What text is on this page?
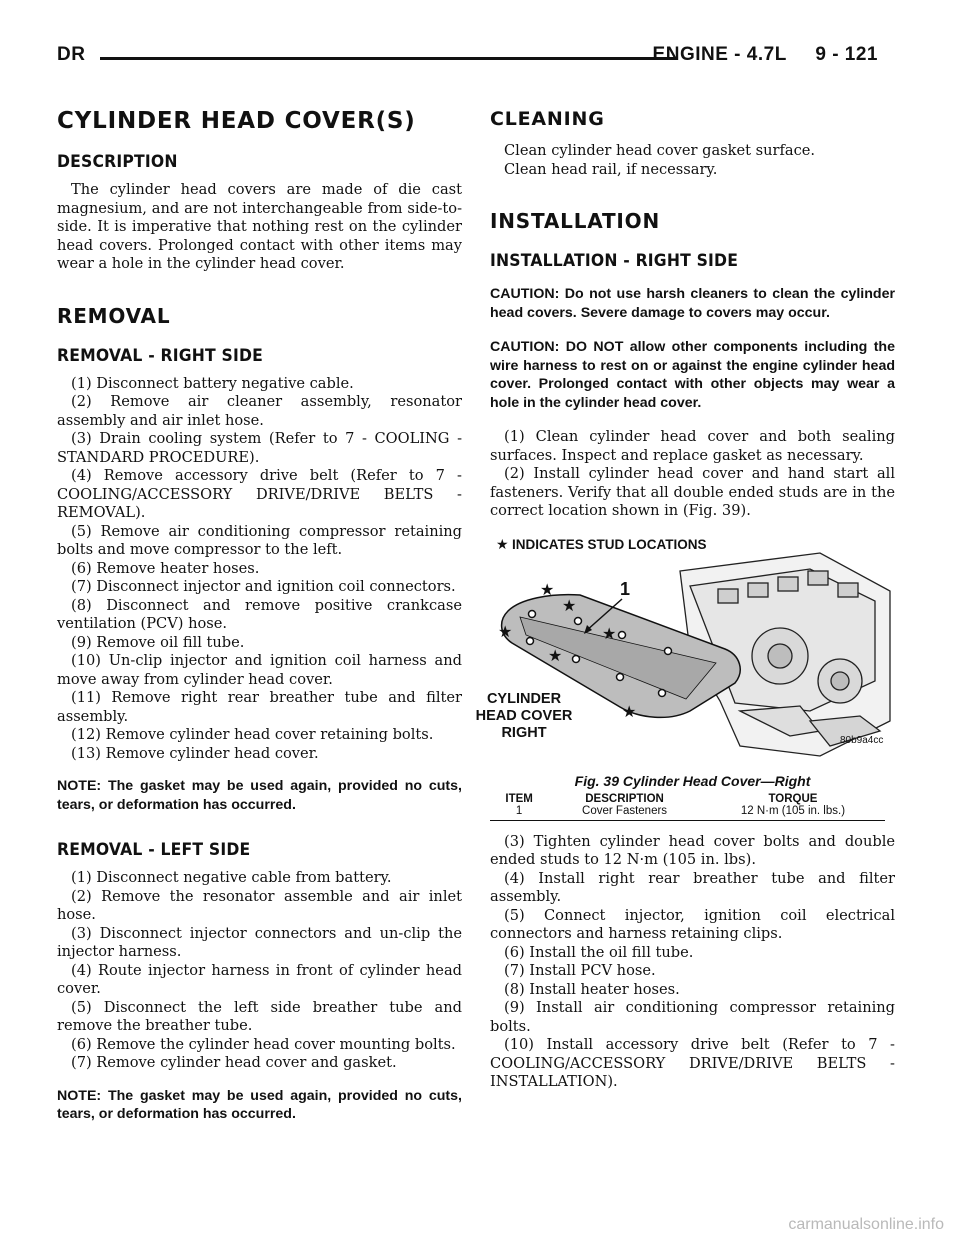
DR	ENGINE - 4.7L     9 - 121
CYLINDER HEAD COVER(S)
DESCRIPTION

The cylinder head covers are made of die cast magnesium, and are not interchangeable from side-to-side. It is imperative that nothing rest on the cylinder head covers. Prolonged contact with other items may wear a hole in the cylinder head cover.

REMOVAL
REMOVAL - RIGHT SIDE

(1) Disconnect battery negative cable.

(2) Remove air cleaner assembly, resonator assembly and air inlet hose.

(3) Drain cooling system (Refer to 7 - COOLING - STANDARD PROCEDURE).

(4) Remove accessory drive belt (Refer to 7 - COOLING/ACCESSORY DRIVE/DRIVE BELTS - REMOVAL).

(5) Remove air conditioning compressor retaining bolts and move compressor to the left.

(6) Remove heater hoses.

(7) Disconnect injector and ignition coil connectors.

(8) Disconnect and remove positive crankcase ventilation (PCV) hose.

(9) Remove oil fill tube.

(10) Un-clip injector and ignition coil harness and move away from cylinder head cover.

(11) Remove right rear breather tube and filter assembly.

(12) Remove cylinder head cover retaining bolts.

(13) Remove cylinder head cover.

NOTE: The gasket may be used again, provided no cuts, tears, or deformation has occurred.
REMOVAL - LEFT SIDE

(1) Disconnect negative cable from battery.

(2) Remove the resonator assemble and air inlet hose.

(3) Disconnect injector connectors and un-clip the injector harness.

(4) Route injector harness in front of cylinder head cover.

(5) Disconnect the left side breather tube and remove the breather tube.

(6) Remove the cylinder head cover mounting bolts.

(7) Remove cylinder head cover and gasket.

NOTE: The gasket may be used again, provided no cuts, tears, or deformation has occurred.
CLEANING

Clean cylinder head cover gasket surface.

Clean head rail, if necessary.

INSTALLATION
INSTALLATION - RIGHT SIDE
CAUTION: Do not use harsh cleaners to clean the cylinder head covers. Severe damage to covers may occur.
CAUTION: DO NOT allow other components including the wire harness to rest on or against the engine cylinder head cover. Prolonged contact with other objects may wear a hole in the cylinder head cover.

(1) Clean cylinder head cover and both sealing surfaces. Inspect and replace gasket as necessary.

(2) Install cylinder head cover and hand start all fasteners. Verify that all double ended studs are in the correct location shown in (Fig. 39).

★
★
★
★
★
★
★ INDICATES STUD LOCATIONS
1
CYLINDER
HEAD COVER
RIGHT	80b9a4cc
Fig. 39 Cylinder Head Cover—Right
ITEM	DESCRIPTION	TORQUE
1	Cover Fasteners	12 N·m (105 in. lbs.)

(3) Tighten cylinder head cover bolts and double ended studs to 12 N·m (105 in. lbs).

(4) Install right rear breather tube and filter assembly.

(5) Connect injector, ignition coil electrical connectors and harness retaining clips.

(6) Install the oil fill tube.

(7) Install PCV hose.

(8) Install heater hoses.

(9) Install air conditioning compressor retaining bolts.

(10) Install accessory drive belt (Refer to 7 - COOLING/ACCESSORY DRIVE/DRIVE BELTS - INSTALLATION).

carmanualsonline.info
